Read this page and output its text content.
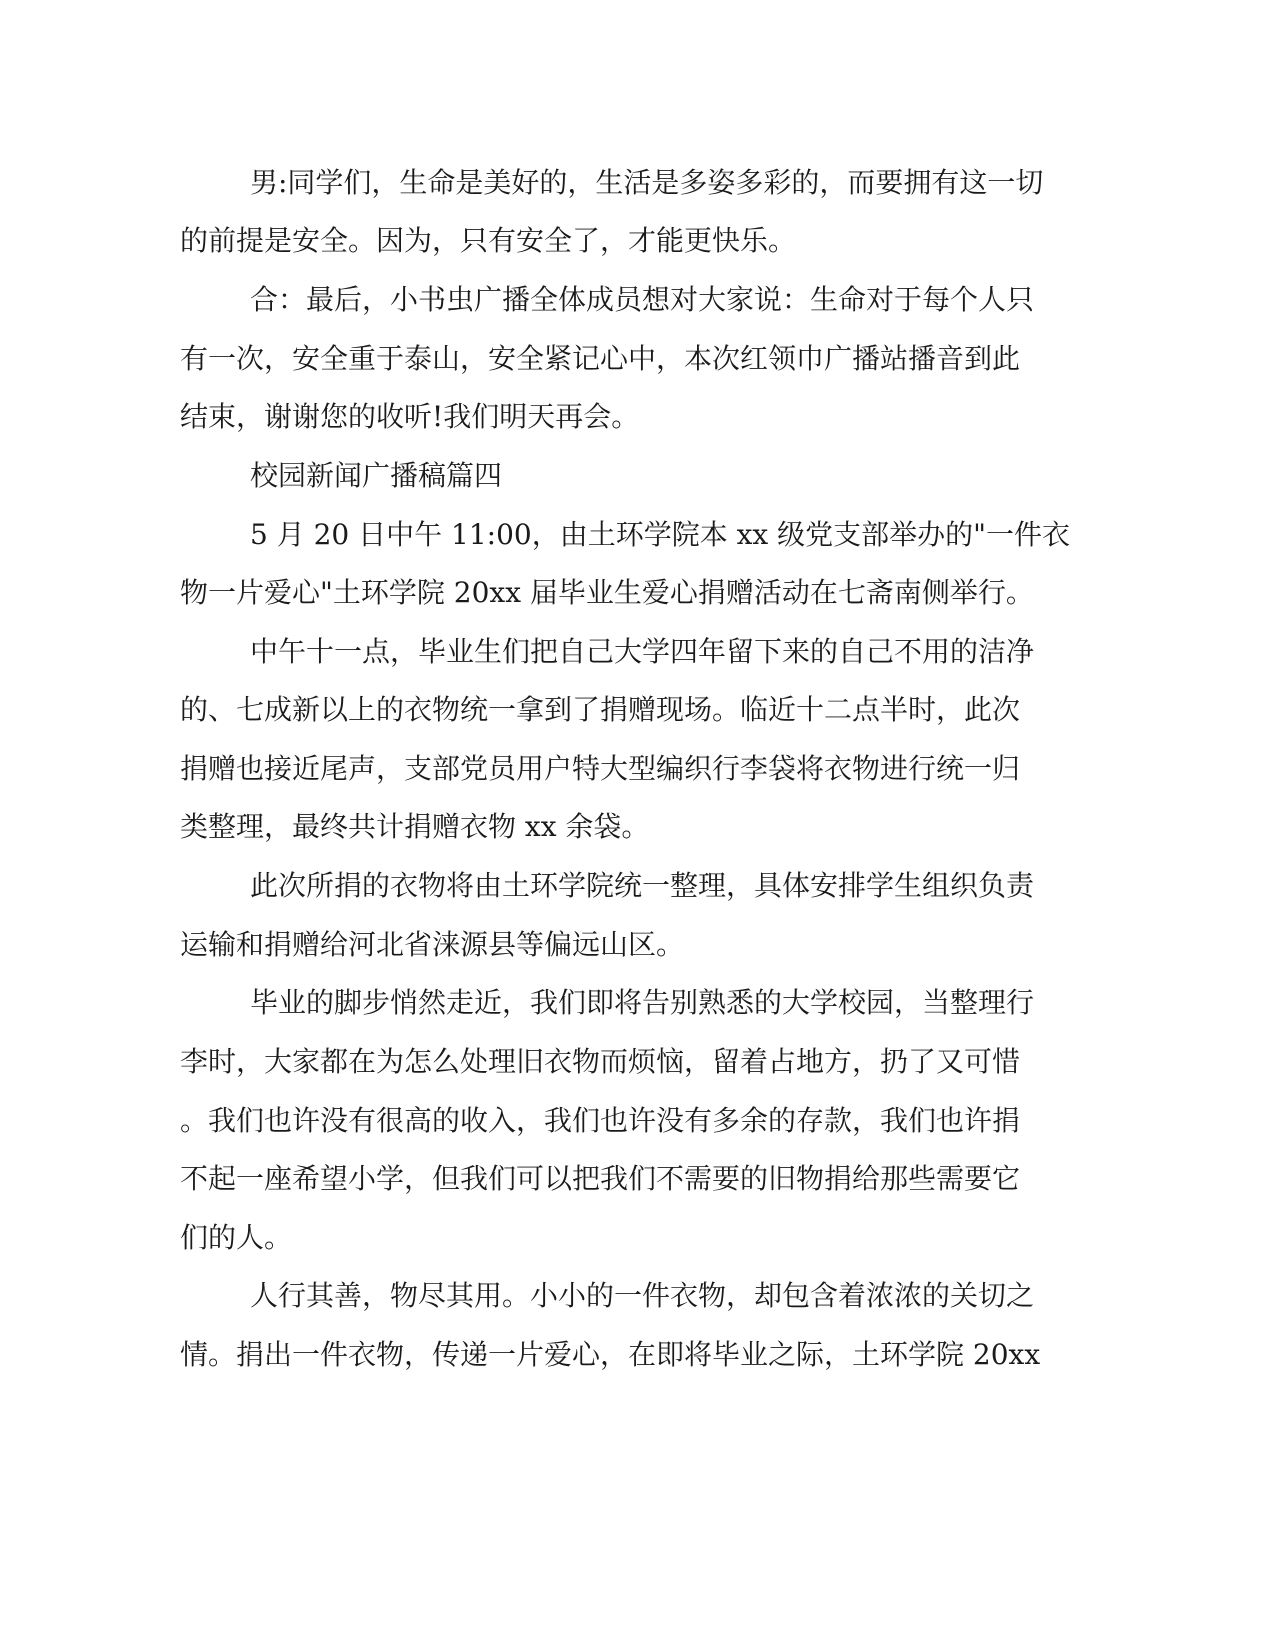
男:同学们，生命是美好的，生活是多姿多彩的，而要拥有这一切
的前提是安全。因为，只有安全了，才能更快乐。
合：最后，小书虫广播全体成员想对大家说：生命对于每个人只
有一次，安全重于泰山，安全紧记心中，本次红领巾广播站播音到此
结束，谢谢您的收听!我们明天再会。
校园新闻广播稿篇四
5 月 20 日中午 11:00，由土环学院本 xx 级党支部举办的"一件衣
物一片爱心"土环学院 20xx 届毕业生爱心捐赠活动在七斋南侧举行。
中午十一点，毕业生们把自己大学四年留下来的自己不用的洁净
的、七成新以上的衣物统一拿到了捐赠现场。临近十二点半时，此次
捐赠也接近尾声，支部党员用户特大型编织行李袋将衣物进行统一归
类整理，最终共计捐赠衣物 xx 余袋。
此次所捐的衣物将由土环学院统一整理，具体安排学生组织负责
运输和捐赠给河北省涞源县等偏远山区。
毕业的脚步悄然走近，我们即将告别熟悉的大学校园，当整理行
李时，大家都在为怎么处理旧衣物而烦恼，留着占地方，扔了又可惜
。我们也许没有很高的收入，我们也许没有多余的存款，我们也许捐
不起一座希望小学，但我们可以把我们不需要的旧物捐给那些需要它
们的人。
人行其善，物尽其用。小小的一件衣物，却包含着浓浓的关切之
情。捐出一件衣物，传递一片爱心，在即将毕业之际，土环学院 20xx
